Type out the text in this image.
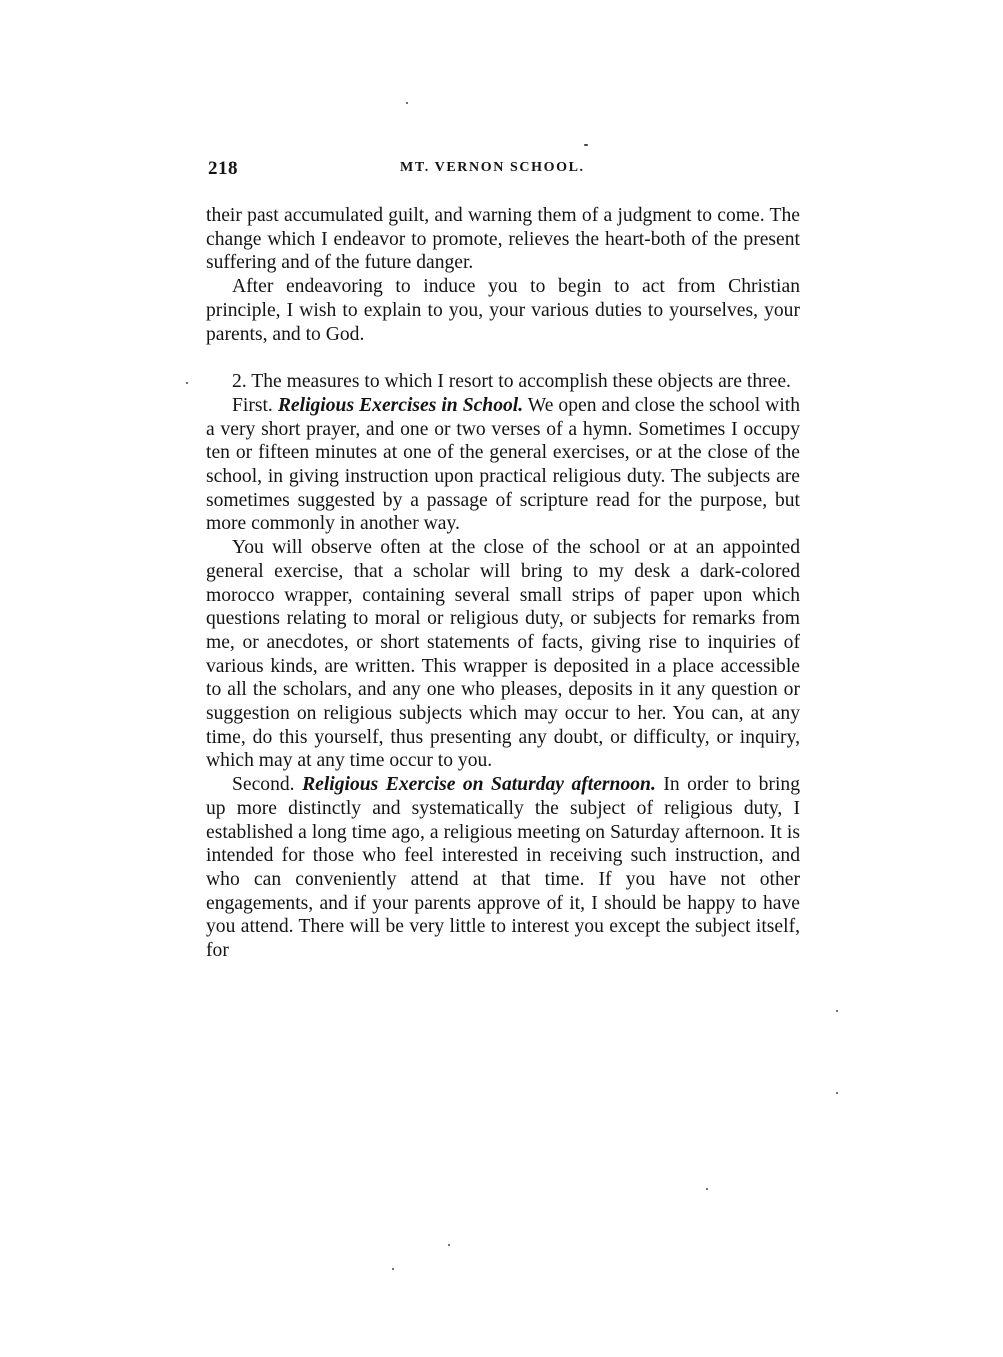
218	MT. VERNON SCHOOL.

their past accumulated guilt, and warning them of a judgment to come. The change which I endeavor to promote, relieves the heart-both of the present suffering and of the future danger.

After endeavoring to induce you to begin to act from Christian principle, I wish to explain to you, your various duties to yourselves, your parents, and to God.

2. The measures to which I resort to accomplish these objects are three.

First. Religious Exercises in School. We open and close the school with a very short prayer, and one or two verses of a hymn. Sometimes I occupy ten or fifteen minutes at one of the general exercises, or at the close of the school, in giving instruction upon practical religious duty. The subjects are sometimes suggested by a passage of scripture read for the purpose, but more commonly in another way.

You will observe often at the close of the school or at an appointed general exercise, that a scholar will bring to my desk a dark-colored morocco wrapper, containing several small strips of paper upon which questions relating to moral or religious duty, or subjects for remarks from me, or anecdotes, or short statements of facts, giving rise to inquiries of various kinds, are written. This wrapper is deposited in a place accessible to all the scholars, and any one who pleases, deposits in it any question or suggestion on religious subjects which may occur to her. You can, at any time, do this yourself, thus presenting any doubt, or difficulty, or inquiry, which may at any time occur to you.

Second. Religious Exercise on Saturday afternoon. In order to bring up more distinctly and systematically the subject of religious duty, I established a long time ago, a religious meeting on Saturday afternoon. It is intended for those who feel interested in receiving such instruction, and who can conveniently attend at that time. If you have not other engagements, and if your parents approve of it, I should be happy to have you attend. There will be very little to interest you except the subject itself, for
